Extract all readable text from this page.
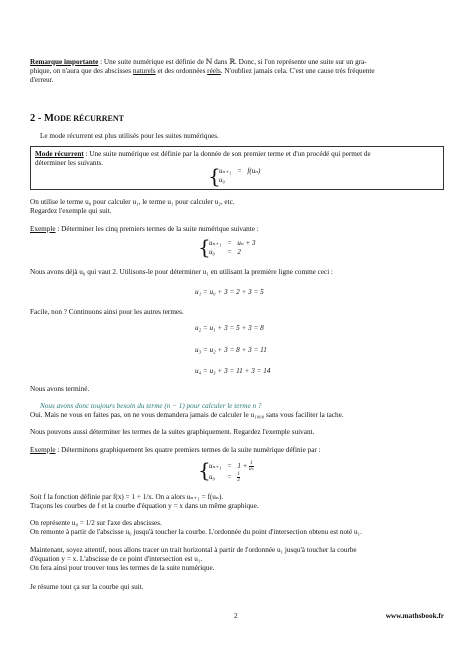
Remarque importante : Une suite numérique est définie de ℕ dans ℝ. Donc, si l'on représente une suite sur un gra-

phique, on n'aura que des abscisses naturels et des ordonnées réels. N'oubliez jamais cela. C'est une cause très fréquente

d'erreur.

2 - MODE RÉCURRENT

Le mode récurrent est plus utilisés pour les suites numériques.

Mode récurrent : Une suite numérique est définie par la donnée de son premier terme et d'un procédé qui permet de

déterminer les suivants.

{
uₙ₊₁	=	f(uₙ)
u₀		

On utilise le terme u₀ pour calculer u₁, le terme u₁ pour calculer u₂, etc.

Regardez l'exemple qui suit.

Exemple : Déterminer les cinq premiers termes de la suite numérique suivante :

{
uₙ₊₁	=	uₙ + 3
u₀	=	2

Nous avons déjà u₀ qui vaut 2. Utilisons-le pour déterminer u₁ en utilisant la première ligne comme ceci :

u₁ = u₀ + 3 = 2 + 3 = 5

Facile, non ? Continuons ainsi pour les autres termes.

u₂ = u₁ + 3 = 5 + 3 = 8

u₃ = u₂ + 3 = 8 + 3 = 11

u₄ = u₃ + 3 = 11 + 3 = 14

Nous avons terminé.

Nous avons donc toujours besoin du terme (n − 1) pour calculer le terme n ?

Oui. Mais ne vous en faites pas, on ne vous demandera jamais de calculer le u₁₀₀₀ sans vous faciliter la tache.

Nous pouvons aussi déterminer les termes de la suites graphiquement. Regardez l'exemple suivant.

Exemple : Déterminons graphiquement les quatre premiers termes de la suite numérique définie par :

{
uₙ₊₁	=	$1 + \frac{1}{\text{uₙ}}$

u₀	=	$\frac{1}{2}$

Soit f la fonction définie par f(x) = 1 + 1/x. On a alors uₙ₊₁ = f(uₙ).

Traçons les courbes de f et la courbe d'équation y = x dans un même graphique.

On représente u₀ = 1/2 sur l'axe des abscisses.

On remonte à partir de l'abscisse u₀ jusqu'à toucher la courbe. L'ordonnée du point d'intersection obtenu est noté u₁.

Maintenant, soyez attentif, nous allons tracer un trait horizontal à partir de l'ordonnée u₁ jusqu'à toucher la courbe

d'équation y = x. L'abscisse de ce point d'intersection est u₁.

On fera ainsi pour trouver tous les termes de la suite numérique.

Je résume tout ça sur la courbe qui suit.

2	www.mathsbook.fr
